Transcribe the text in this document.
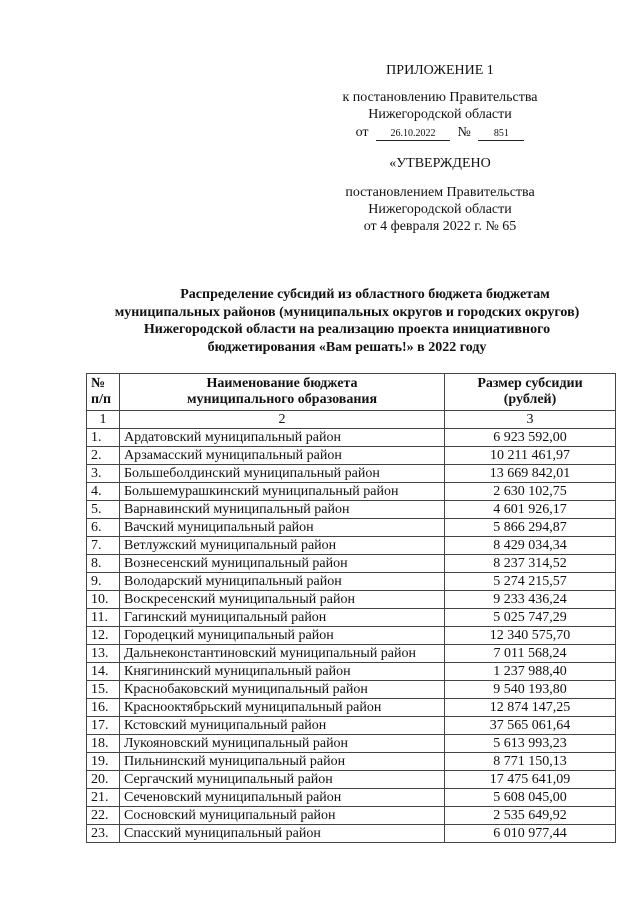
ПРИЛОЖЕНИЕ 1
к постановлению Правительства
Нижегородской области
от 26.10.2022 № 851
«УТВЕРЖДЕНО
постановлением Правительства
Нижегородской области
от 4 февраля 2022 г. № 65
Распределение субсидий из областного бюджета бюджетам
муниципальных районов (муниципальных округов и городских округов)
Нижегородской области на реализацию проекта инициативного
бюджетирования «Вам решать!» в 2022 году
№
п/п

Наименование бюджета
муниципального образования

Размер субсидии
(рублей)

1	2	3
1.	Ардатовский муниципальный район	6 923 592,00
2.	Арзамасский муниципальный район	10 211 461,97
3.	Большеболдинский муниципальный район	13 669 842,01
4.	Большемурашкинский муниципальный район	2 630 102,75
5.	Варнавинский муниципальный район	4 601 926,17
6.	Вачский муниципальный район	5 866 294,87
7.	Ветлужский муниципальный район	8 429 034,34
8.	Вознесенский муниципальный район	8 237 314,52
9.	Володарский муниципальный район	5 274 215,57
10.	Воскресенский муниципальный район	9 233 436,24
11.	Гагинский муниципальный район	5 025 747,29
12.	Городецкий муниципальный район	12 340 575,70
13.	Дальнеконстантиновский муниципальный район	7 011 568,24
14.	Княгининский муниципальный район	1 237 988,40
15.	Краснобаковский муниципальный район	9 540 193,80
16.	Краснооктябрьский муниципальный район	12 874 147,25
17.	Кстовский муниципальный район	37 565 061,64
18.	Лукояновский муниципальный район	5 613 993,23
19.	Пильнинский муниципальный район	8 771 150,13
20.	Сергачский муниципальный район	17 475 641,09
21.	Сеченовский муниципальный район	5 608 045,00
22.	Сосновский муниципальный район	2 535 649,92
23.	Спасский муниципальный район	6 010 977,44
